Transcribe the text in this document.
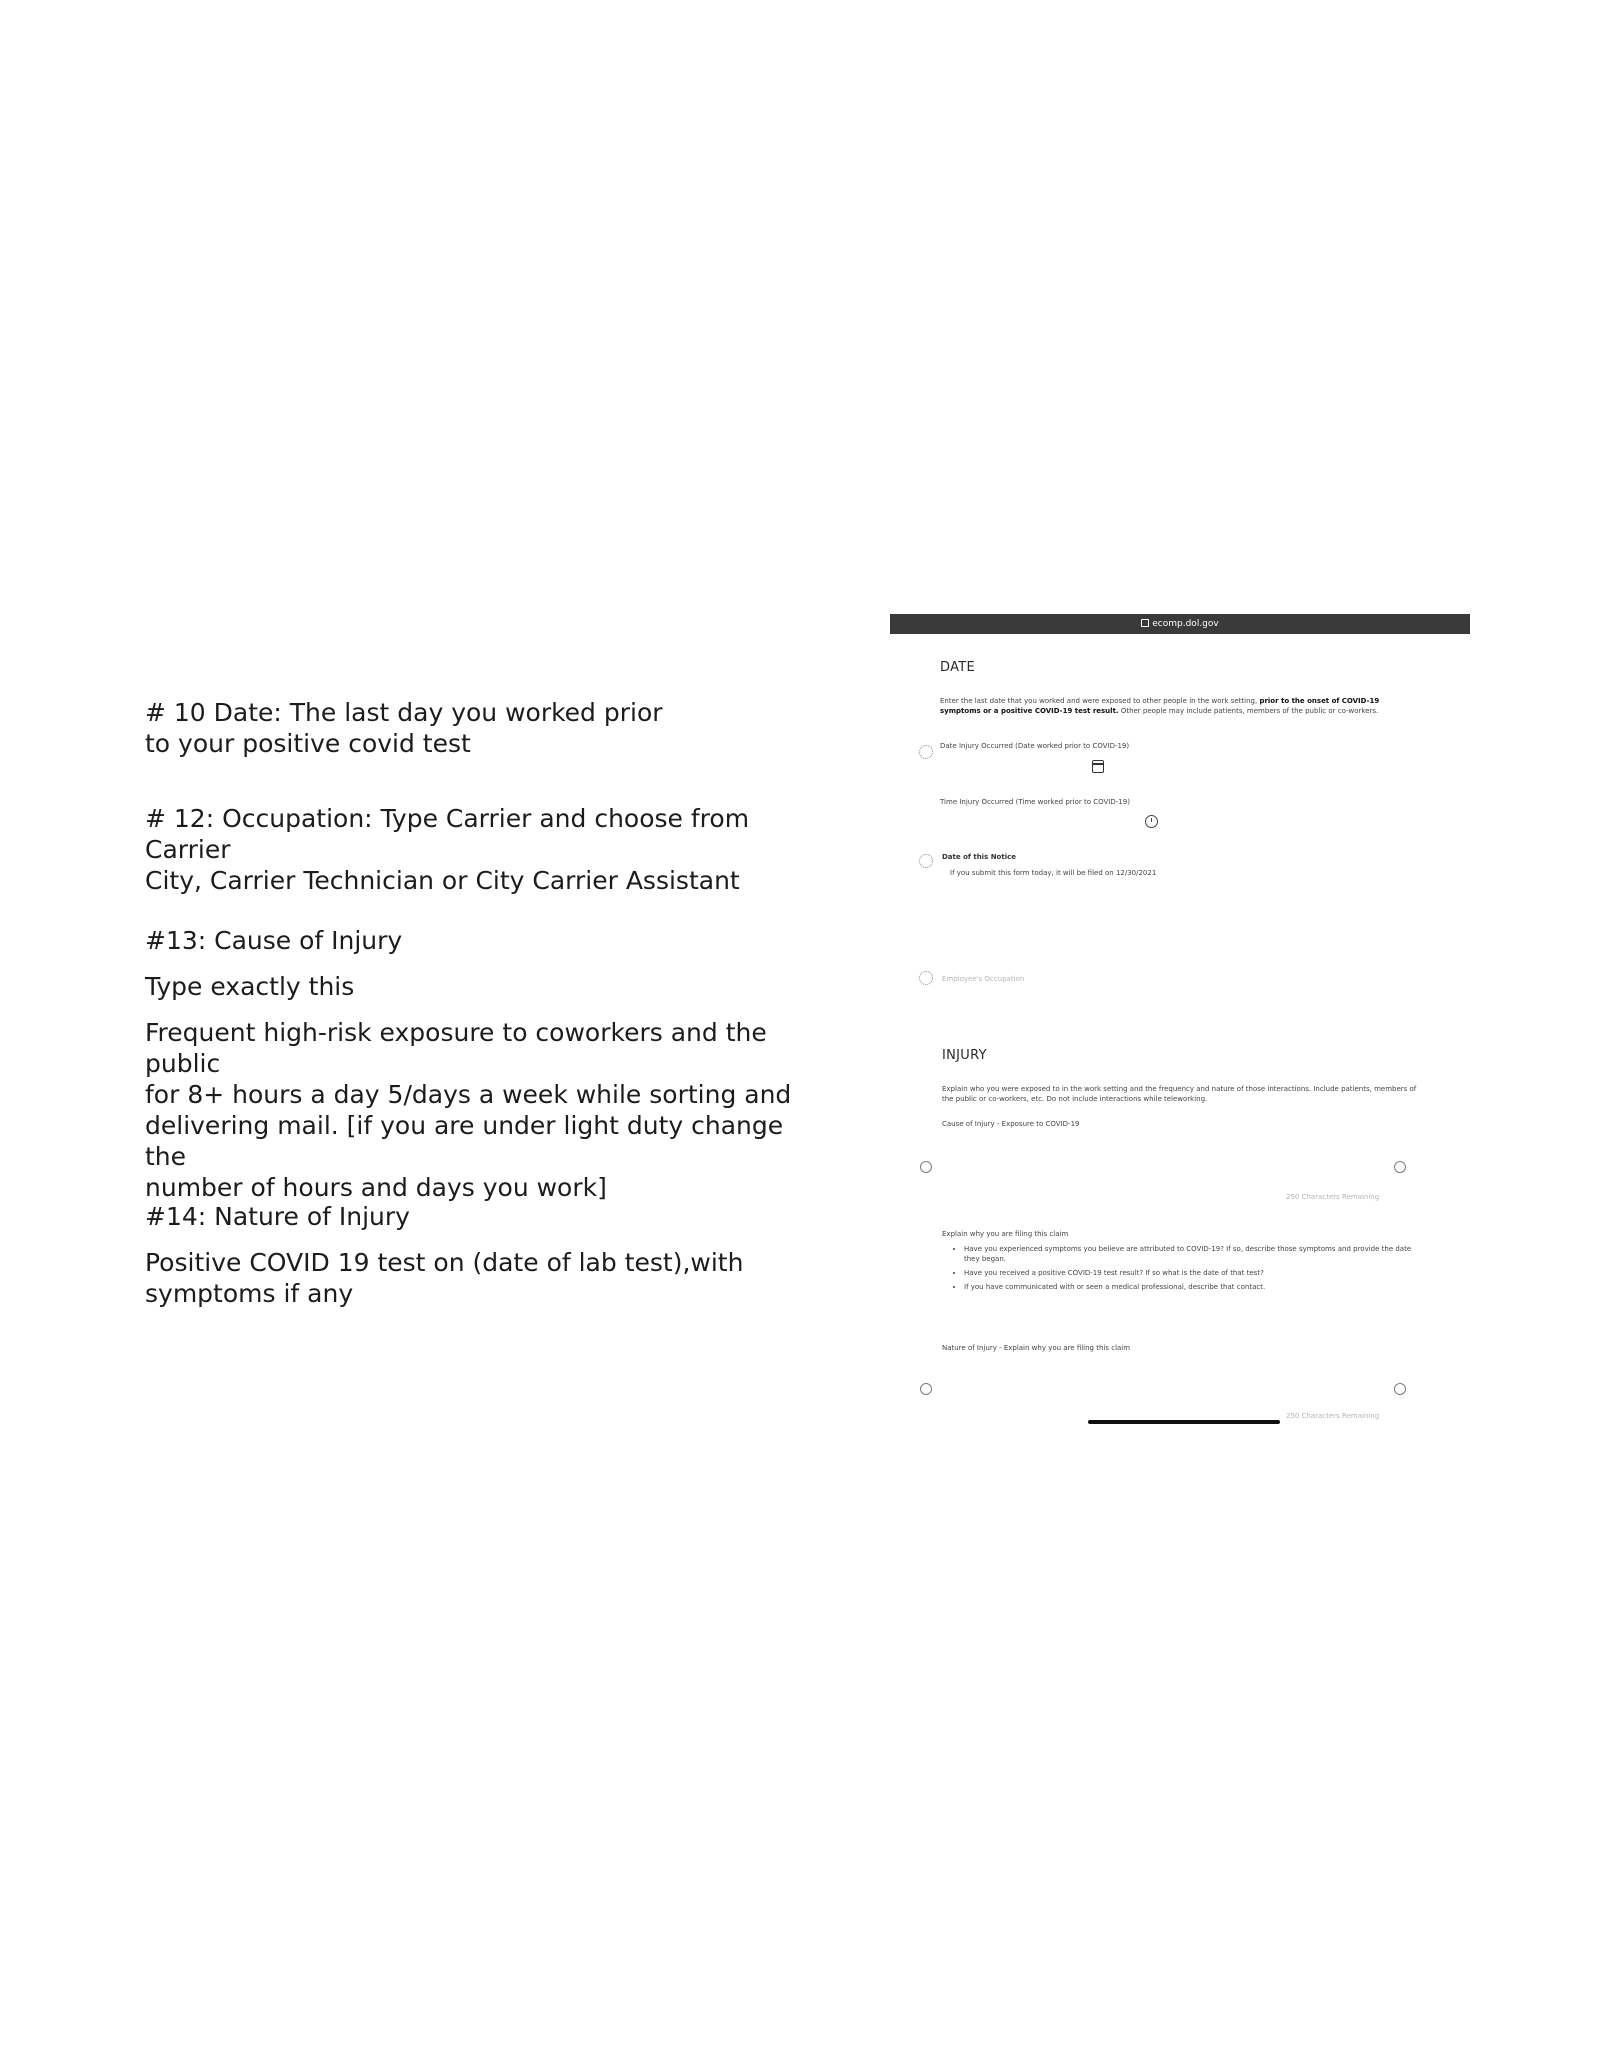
# 10 Date: The last day you worked prior

to your positive covid test

# 12: Occupation: Type Carrier and choose from Carrier

City, Carrier Technician or City Carrier Assistant

#13: Cause of Injury

Type exactly this

Frequent high-risk exposure to coworkers and the public

for 8+ hours a day 5/days a week while sorting and

delivering mail. [if you are under light duty change the

number of hours and days you work]

#14: Nature of Injury

Positive COVID 19 test on (date of lab test),with

symptoms if any

ecomp.dol.gov
DATE
Enter the last date that you worked and were exposed to other people in the work setting, prior to the onset of COVID-19 symptoms or a positive COVID-19 test result. Other people may include patients, members of the public or co-workers.
Date Injury Occurred (Date worked prior to COVID-19)
Time Injury Occurred (Time worked prior to COVID-19)
Date of this Notice
If you submit this form today, it will be filed on 12/30/2021
Employee's Occupation
INJURY
Explain who you were exposed to in the work setting and the frequency and nature of those interactions. Include patients, members of the public or co-workers, etc. Do not include interactions while teleworking.
Cause of Injury - Exposure to COVID-19
250 Characters Remaining
Explain why you are filing this claim
• Have you experienced symptoms you believe are attributed to COVID-19? If so, describe those symptoms and provide the date they began.
• Have you received a positive COVID-19 test result? If so what is the date of that test?
• If you have communicated with or seen a medical professional, describe that contact.
Nature of Injury - Explain why you are filing this claim
250 Characters Remaining
